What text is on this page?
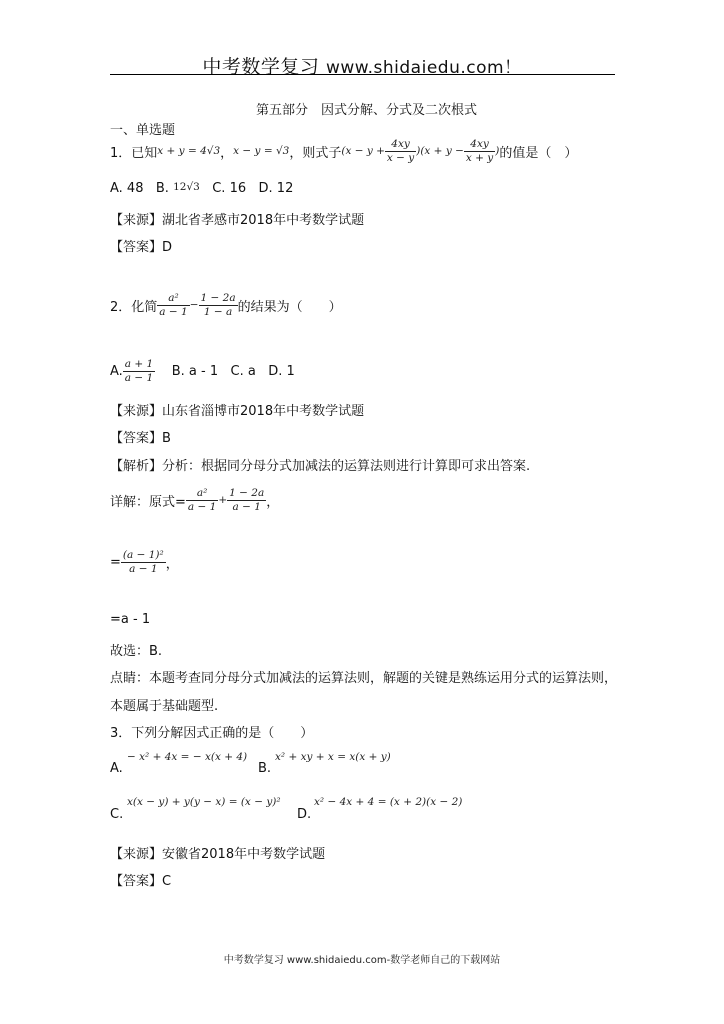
中考数学复习 www.shidaiedu.com！
第五部分　因式分解、分式及二次根式
一、单选题
1．已知 x + y = 4√3 ， x − y = √3 ，则式子 $(x - y + \frac{4xy}{x - y} )(x + y - \frac{4xy}{x + y}$ ) 的值是（　）
A. 48 B. 12√3 C. 16 D. 12
【来源】湖北省孝感市2018年中考数学试题
【答案】D
2．化简 $\frac{\text{a²}}{a - 1} - \frac{1 - 2a}{1 - a}$ 的结果为（　　）
A. $\frac{a + 1}{a - 1}$
B. a - 1
C. a
D. 1
【来源】山东省淄博市2018年中考数学试题
【答案】B
【解析】分析：根据同分母分式加减法的运算法则进行计算即可求出答案.
详解：原式= $\frac{\text{a²}}{a - 1} + \frac{1 - 2a}{a - 1}$ ，
= $\frac{\text{(a − 1)²}}{a - 1}$ ，
=a - 1
故选：B.
点睛：本题考查同分母分式加减法的运算法则，解题的关键是熟练运用分式的运算法则，
本题属于基础题型.
3．下列分解因式正确的是（　　）
A.
− x² + 4x = − x(x + 4)
B.
x² + xy + x = x(x + y)
C.
x(x − y) + y(y − x) = (x − y)²
D.
x² − 4x + 4 = (x + 2)(x − 2)
【来源】安徽省2018年中考数学试题
【答案】C
中考数学复习 www.shidaiedu.com-数学老师自己的下载网站
